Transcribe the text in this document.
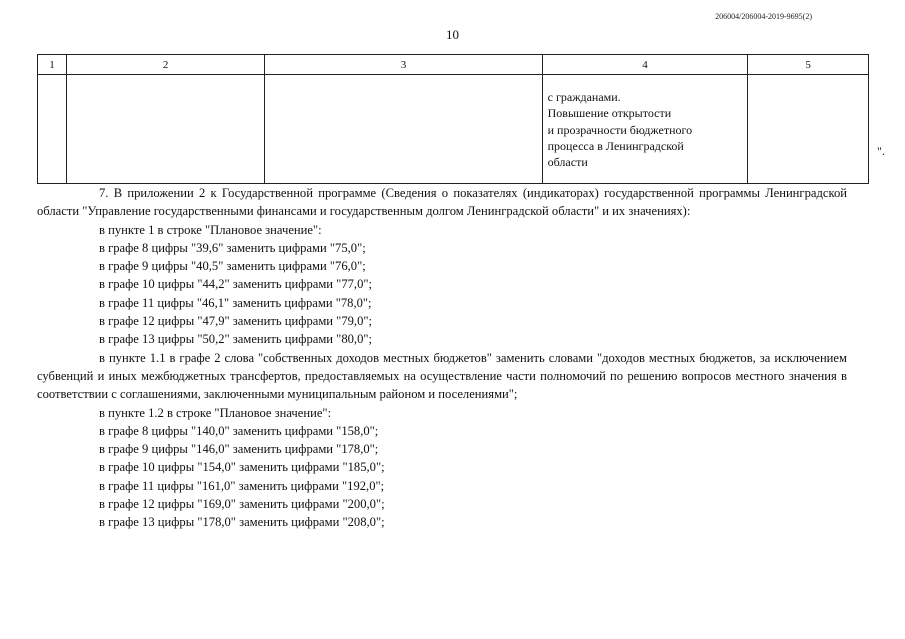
206004/206004-2019-9695(2)
10
1	2	3	4	5

			с гражданами.
Повышение открытости
и прозрачности бюджетного
процесса в Ленинградской
области	

".

7. В приложении 2 к Государственной программе (Сведения о показателях (индикаторах) государственной программы Ленинградской области "Управление государственными финансами и государственным долгом Ленинградской области" и их значениях):

в пункте 1 в строке "Плановое значение":

в графе 8 цифры "39,6" заменить цифрами "75,0";

в графе 9 цифры "40,5" заменить цифрами "76,0";

в графе 10 цифры "44,2" заменить цифрами "77,0";

в графе 11 цифры "46,1" заменить цифрами "78,0";

в графе 12 цифры "47,9" заменить цифрами "79,0";

в графе 13 цифры "50,2" заменить цифрами "80,0";

в пункте 1.1 в графе 2 слова "собственных доходов местных бюджетов" заменить словами "доходов местных бюджетов, за исключением субвенций и иных межбюджетных трансфертов, предоставляемых на осуществление части полномочий по решению вопросов местного значения в соответствии с соглашениями, заключенными муниципальным районом и поселениями";

в пункте 1.2 в строке "Плановое значение":

в графе 8 цифры "140,0" заменить цифрами "158,0";

в графе 9 цифры "146,0" заменить цифрами "178,0";

в графе 10 цифры "154,0" заменить цифрами "185,0";

в графе 11 цифры "161,0" заменить цифрами "192,0";

в графе 12 цифры "169,0" заменить цифрами "200,0";

в графе 13 цифры "178,0" заменить цифрами "208,0";
